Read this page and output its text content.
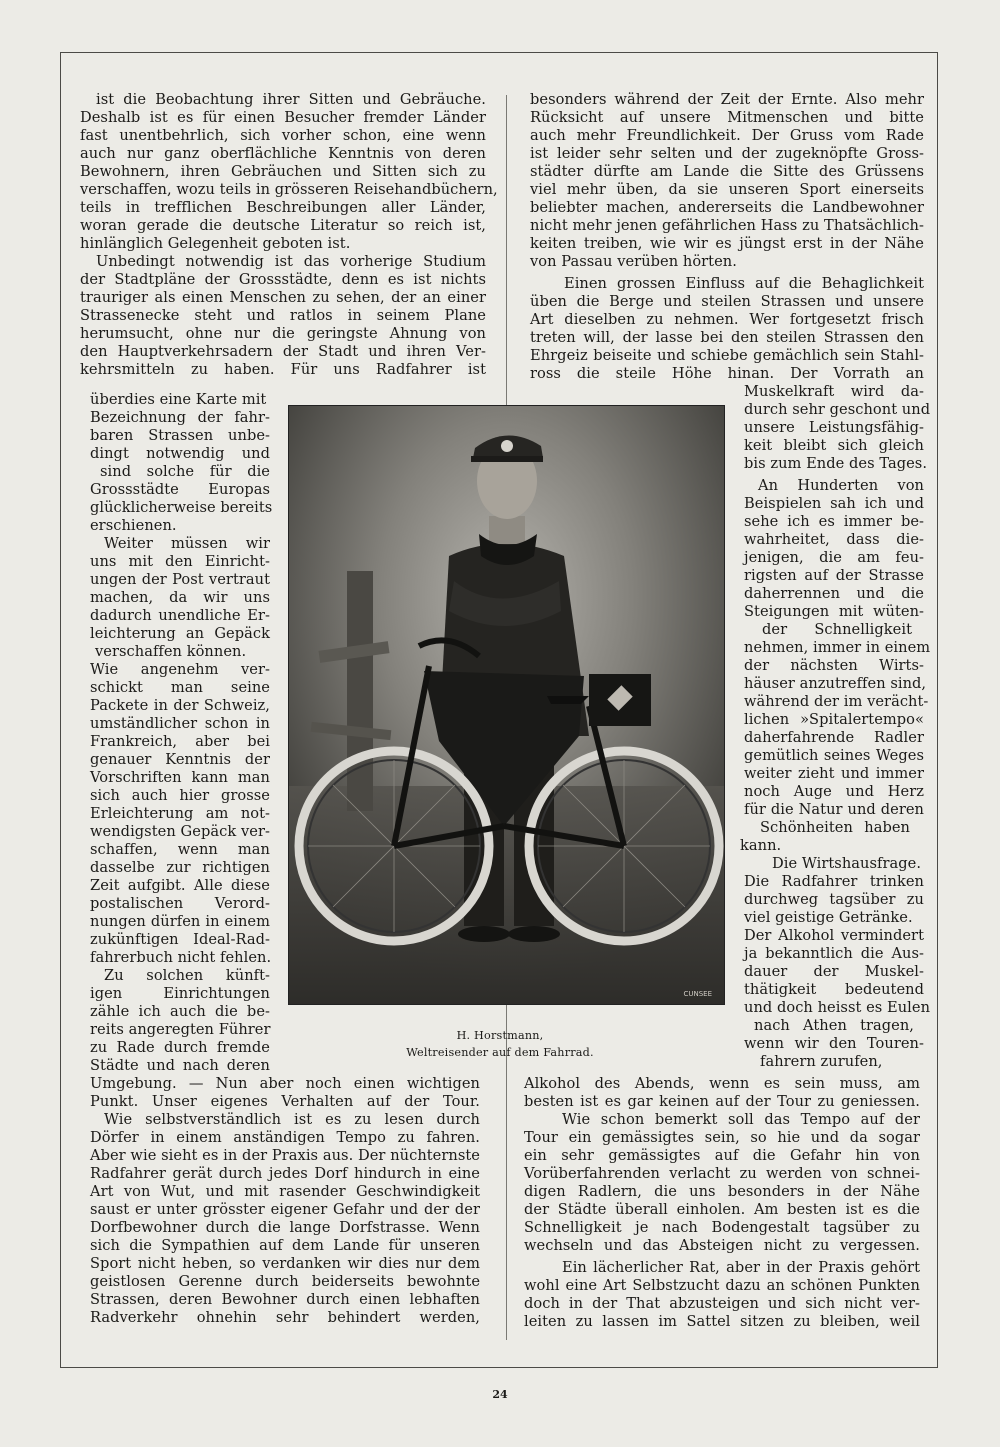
ist die Beobachtung ihrer Sitten und Gebräuche.
Deshalb ist es für einen Besucher fremder Länder
fast unentbehrlich, sich vorher schon, eine wenn
auch nur ganz oberflächliche Kenntnis von deren
Bewohnern, ihren Gebräuchen und Sitten sich zu
verschaffen, wozu teils in grösseren Reisehandbüchern,
teils in trefflichen Beschreibungen aller Länder,
woran gerade die deutsche Literatur so reich ist,
hinlänglich Gelegenheit geboten ist.
Unbedingt notwendig ist das vorherige Studium
der Stadtpläne der Grossstädte, denn es ist nichts
trauriger als einen Menschen zu sehen, der an einer
Strassenecke steht und ratlos in seinem Plane
herumsucht, ohne nur die geringste Ahnung von
den Hauptverkehrsadern der Stadt und ihren Ver-
kehrsmitteln zu haben. Für uns Radfahrer ist
überdies eine Karte mit
Bezeichnung der fahr-
baren Strassen unbe-
dingt notwendig und
sind solche für die
Grossstädte Europas
glücklicherweise bereits
erschienen.
Weiter müssen wir
uns mit den Einricht-
ungen der Post vertraut
machen, da wir uns
dadurch unendliche Er-
leichterung an Gepäck
verschaffen können.
Wie angenehm ver-
schickt man seine
Packete in der Schweiz,
umständlicher schon in
Frankreich, aber bei
genauer Kenntnis der
Vorschriften kann man
sich auch hier grosse
Erleichterung am not-
wendigsten Gepäck ver-
schaffen, wenn man
dasselbe zur richtigen
Zeit aufgibt. Alle diese
postalischen Verord-
nungen dürfen in einem
zukünftigen Ideal-Rad-
fahrerbuch nicht fehlen.
Zu solchen künft-
igen Einrichtungen
zähle ich auch die be-
reits angeregten Führer
zu Rade durch fremde
Städte und nach deren
Umgebung. — Nun aber noch einen wichtigen
Punkt. Unser eigenes Verhalten auf der Tour.
Wie selbstverständlich ist es zu lesen durch
Dörfer in einem anständigen Tempo zu fahren.
Aber wie sieht es in der Praxis aus. Der nüchternste
Radfahrer gerät durch jedes Dorf hindurch in eine
Art von Wut, und mit rasender Geschwindigkeit
saust er unter grösster eigener Gefahr und der der
Dorfbewohner durch die lange Dorfstrasse. Wenn
sich die Sympathien auf dem Lande für unseren
Sport nicht heben, so verdanken wir dies nur dem
geistlosen Gerenne durch beiderseits bewohnte
Strassen, deren Bewohner durch einen lebhaften
Radverkehr ohnehin sehr behindert werden,
besonders während der Zeit der Ernte. Also mehr
Rücksicht auf unsere Mitmenschen und bitte
auch mehr Freundlichkeit. Der Gruss vom Rade
ist leider sehr selten und der zugeknöpfte Gross-
städter dürfte am Lande die Sitte des Grüssens
viel mehr üben, da sie unseren Sport einerseits
beliebter machen, andererseits die Landbewohner
nicht mehr jenen gefährlichen Hass zu Thatsächlich-
keiten treiben, wie wir es jüngst erst in der Nähe
von Passau verüben hörten.
Einen grossen Einfluss auf die Behaglichkeit
üben die Berge und steilen Strassen und unsere
Art dieselben zu nehmen. Wer fortgesetzt frisch
treten will, der lasse bei den steilen Strassen den
Ehrgeiz beiseite und schiebe gemächlich sein Stahl-
ross die steile Höhe hinan. Der Vorrath an
Muskelkraft wird da-
durch sehr geschont und
unsere Leistungsfähig-
keit bleibt sich gleich
bis zum Ende des Tages.
An Hunderten von
Beispielen sah ich und
sehe ich es immer be-
wahrheitet, dass die-
jenigen, die am feu-
rigsten auf der Strasse
daherrennen und die
Steigungen mit wüten-
der Schnelligkeit
nehmen, immer in einem
der nächsten Wirts-
häuser anzutreffen sind,
während der im verächt-
lichen »Spitalertempo«
daherfahrende Radler
gemütlich seines Weges
weiter zieht und immer
noch Auge und Herz
für die Natur und deren
Schönheiten haben
kann.
Die Wirtshausfrage.
Die Radfahrer trinken
durchweg tagsüber zu
viel geistige Getränke.
Der Alkohol vermindert
ja bekanntlich die Aus-
dauer der Muskel-
thätigkeit bedeutend
und doch heisst es Eulen
nach Athen tragen,
wenn wir den Touren-
fahrern zurufen,
Alkohol des Abends, wenn es sein muss, am
besten ist es gar keinen auf der Tour zu geniessen.
Wie schon bemerkt soll das Tempo auf der
Tour ein gemässigtes sein, so hie und da sogar
ein sehr gemässigtes auf die Gefahr hin von
Vorüberfahrenden verlacht zu werden von schnei-
digen Radlern, die uns besonders in der Nähe
der Städte überall einholen. Am besten ist es die
Schnelligkeit je nach Bodengestalt tagsüber zu
wechseln und das Absteigen nicht zu vergessen.
Ein lächerlicher Rat, aber in der Praxis gehört
wohl eine Art Selbstzucht dazu an schönen Punkten
doch in der That abzusteigen und sich nicht ver-
leiten zu lassen im Sattel sitzen zu bleiben, weil
CUNSEE
H. Horstmann,
Weltreisender auf dem Fahrrad.
24
